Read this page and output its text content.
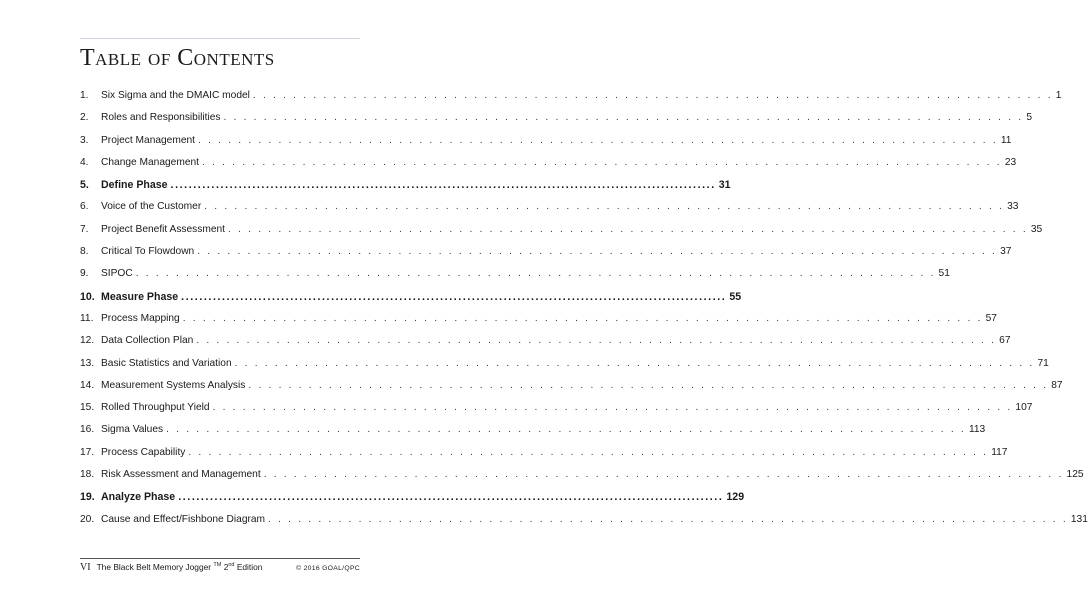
Table of Contents
1.	Six Sigma and the DMAIC model . . . . . . . . . . . . . . . . . . . . . . . . . . . . . . . . . . . . . . . . . . . . . . . . . . . . . . . . . . . . . . . . . . . . . . . . . . . . . . . . 1
2.	Roles and Responsibilities . . . . . . . . . . . . . . . . . . . . . . . . . . . . . . . . . . . . . . . . . . . . . . . . . . . . . . . . . . . . . . . . . . . . . . . . . . . . . . . . 5
3.	Project Management . . . . . . . . . . . . . . . . . . . . . . . . . . . . . . . . . . . . . . . . . . . . . . . . . . . . . . . . . . . . . . . . . . . . . . . . . . . . . . . . 11
4.	Change Management . . . . . . . . . . . . . . . . . . . . . . . . . . . . . . . . . . . . . . . . . . . . . . . . . . . . . . . . . . . . . . . . . . . . . . . . . . . . . . . . 23
5.	Define Phase ........................................................................................................................ 31
6.	Voice of the Customer . . . . . . . . . . . . . . . . . . . . . . . . . . . . . . . . . . . . . . . . . . . . . . . . . . . . . . . . . . . . . . . . . . . . . . . . . . . . . . . . 33
7.	Project Benefit Assessment . . . . . . . . . . . . . . . . . . . . . . . . . . . . . . . . . . . . . . . . . . . . . . . . . . . . . . . . . . . . . . . . . . . . . . . . . . . . . . . . 35
8.	Critical To Flowdown . . . . . . . . . . . . . . . . . . . . . . . . . . . . . . . . . . . . . . . . . . . . . . . . . . . . . . . . . . . . . . . . . . . . . . . . . . . . . . . . 37
9.	SIPOC . . . . . . . . . . . . . . . . . . . . . . . . . . . . . . . . . . . . . . . . . . . . . . . . . . . . . . . . . . . . . . . . . . . . . . . . . . . . . . . . 51
10. Measure Phase ........................................................................................................................ 55
11. Process Mapping . . . . . . . . . . . . . . . . . . . . . . . . . . . . . . . . . . . . . . . . . . . . . . . . . . . . . . . . . . . . . . . . . . . . . . . . . . . . . . . . 57
12. Data Collection Plan . . . . . . . . . . . . . . . . . . . . . . . . . . . . . . . . . . . . . . . . . . . . . . . . . . . . . . . . . . . . . . . . . . . . . . . . . . . . . . . . 67
13. Basic Statistics and Variation . . . . . . . . . . . . . . . . . . . . . . . . . . . . . . . . . . . . . . . . . . . . . . . . . . . . . . . . . . . . . . . . . . . . . . . . . . . . . . . . 71
14. Measurement Systems Analysis . . . . . . . . . . . . . . . . . . . . . . . . . . . . . . . . . . . . . . . . . . . . . . . . . . . . . . . . . . . . . . . . . . . . . . . . . . . . . . . . 87
15. Rolled Throughput Yield . . . . . . . . . . . . . . . . . . . . . . . . . . . . . . . . . . . . . . . . . . . . . . . . . . . . . . . . . . . . . . . . . . . . . . . . . . . . . . . . 107
16. Sigma Values . . . . . . . . . . . . . . . . . . . . . . . . . . . . . . . . . . . . . . . . . . . . . . . . . . . . . . . . . . . . . . . . . . . . . . . . . . . . . . . . 113
17. Process Capability . . . . . . . . . . . . . . . . . . . . . . . . . . . . . . . . . . . . . . . . . . . . . . . . . . . . . . . . . . . . . . . . . . . . . . . . . . . . . . . . 117
18. Risk Assessment and Management . . . . . . . . . . . . . . . . . . . . . . . . . . . . . . . . . . . . . . . . . . . . . . . . . . . . . . . . . . . . . . . . . . . . . . . . . . . . . . . . 125
19. Analyze Phase ........................................................................................................................ 129
20. Cause and Effect/Fishbone Diagram . . . . . . . . . . . . . . . . . . . . . . . . . . . . . . . . . . . . . . . . . . . . . . . . . . . . . . . . . . . . . . . . . . . . . . . . . . . . . . . . 131
VI The Black Belt Memory Jogger ™ 2nd Edition	© 2016 GOAL/QPC
